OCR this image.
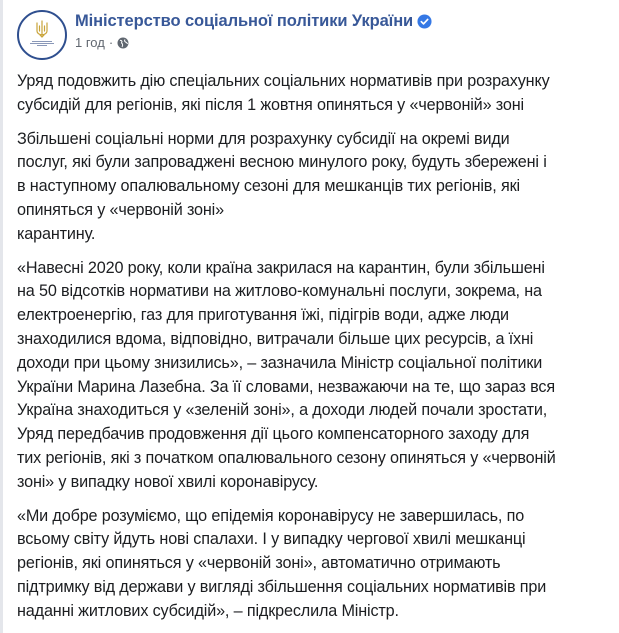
Міністерство соціальної політики України
1 год ·
Уряд подовжить дію спеціальних соціальних нормативів при розрахунку
субсидій для регіонів, які після 1 жовтня опиняться у «червоній» зоні
Збільшені соціальні норми для розрахунку субсидії на окремі види
послуг, які були запроваджені весною минулого року, будуть збережені і
в наступному опалювальному сезоні для мешканців тих регіонів, які
опиняться у «червоній зоні»
карантину.
«Навесні 2020 року, коли країна закрилася на карантин, були збільшені
на 50 відсотків нормативи на житлово-комунальні послуги, зокрема, на
електроенергію, газ для приготування їжі, підігрів води, адже люди
знаходилися вдома, відповідно, витрачали більше цих ресурсів, а їхні
доходи при цьому знизились», – зазначила Міністр соціальної політики
України Марина Лазебна. За її словами, незважаючи на те, що зараз вся
Україна знаходиться у «зеленій зоні», а доходи людей почали зростати,
Уряд передбачив продовження дії цього компенсаторного заходу для
тих регіонів, які з початком опалювального сезону опиняться у «червоній
зоні» у випадку нової хвилі коронавірусу.
«Ми добре розуміємо, що епідемія коронавірусу не завершилась, по
всьому світу йдуть нові спалахи. І у випадку чергової хвилі мешканці
регіонів, які опиняться у «червоній зоні», автоматично отримають
підтримку від держави у вигляді збільшення соціальних нормативів при
наданні житлових субсидій», – підкреслила Міністр.
